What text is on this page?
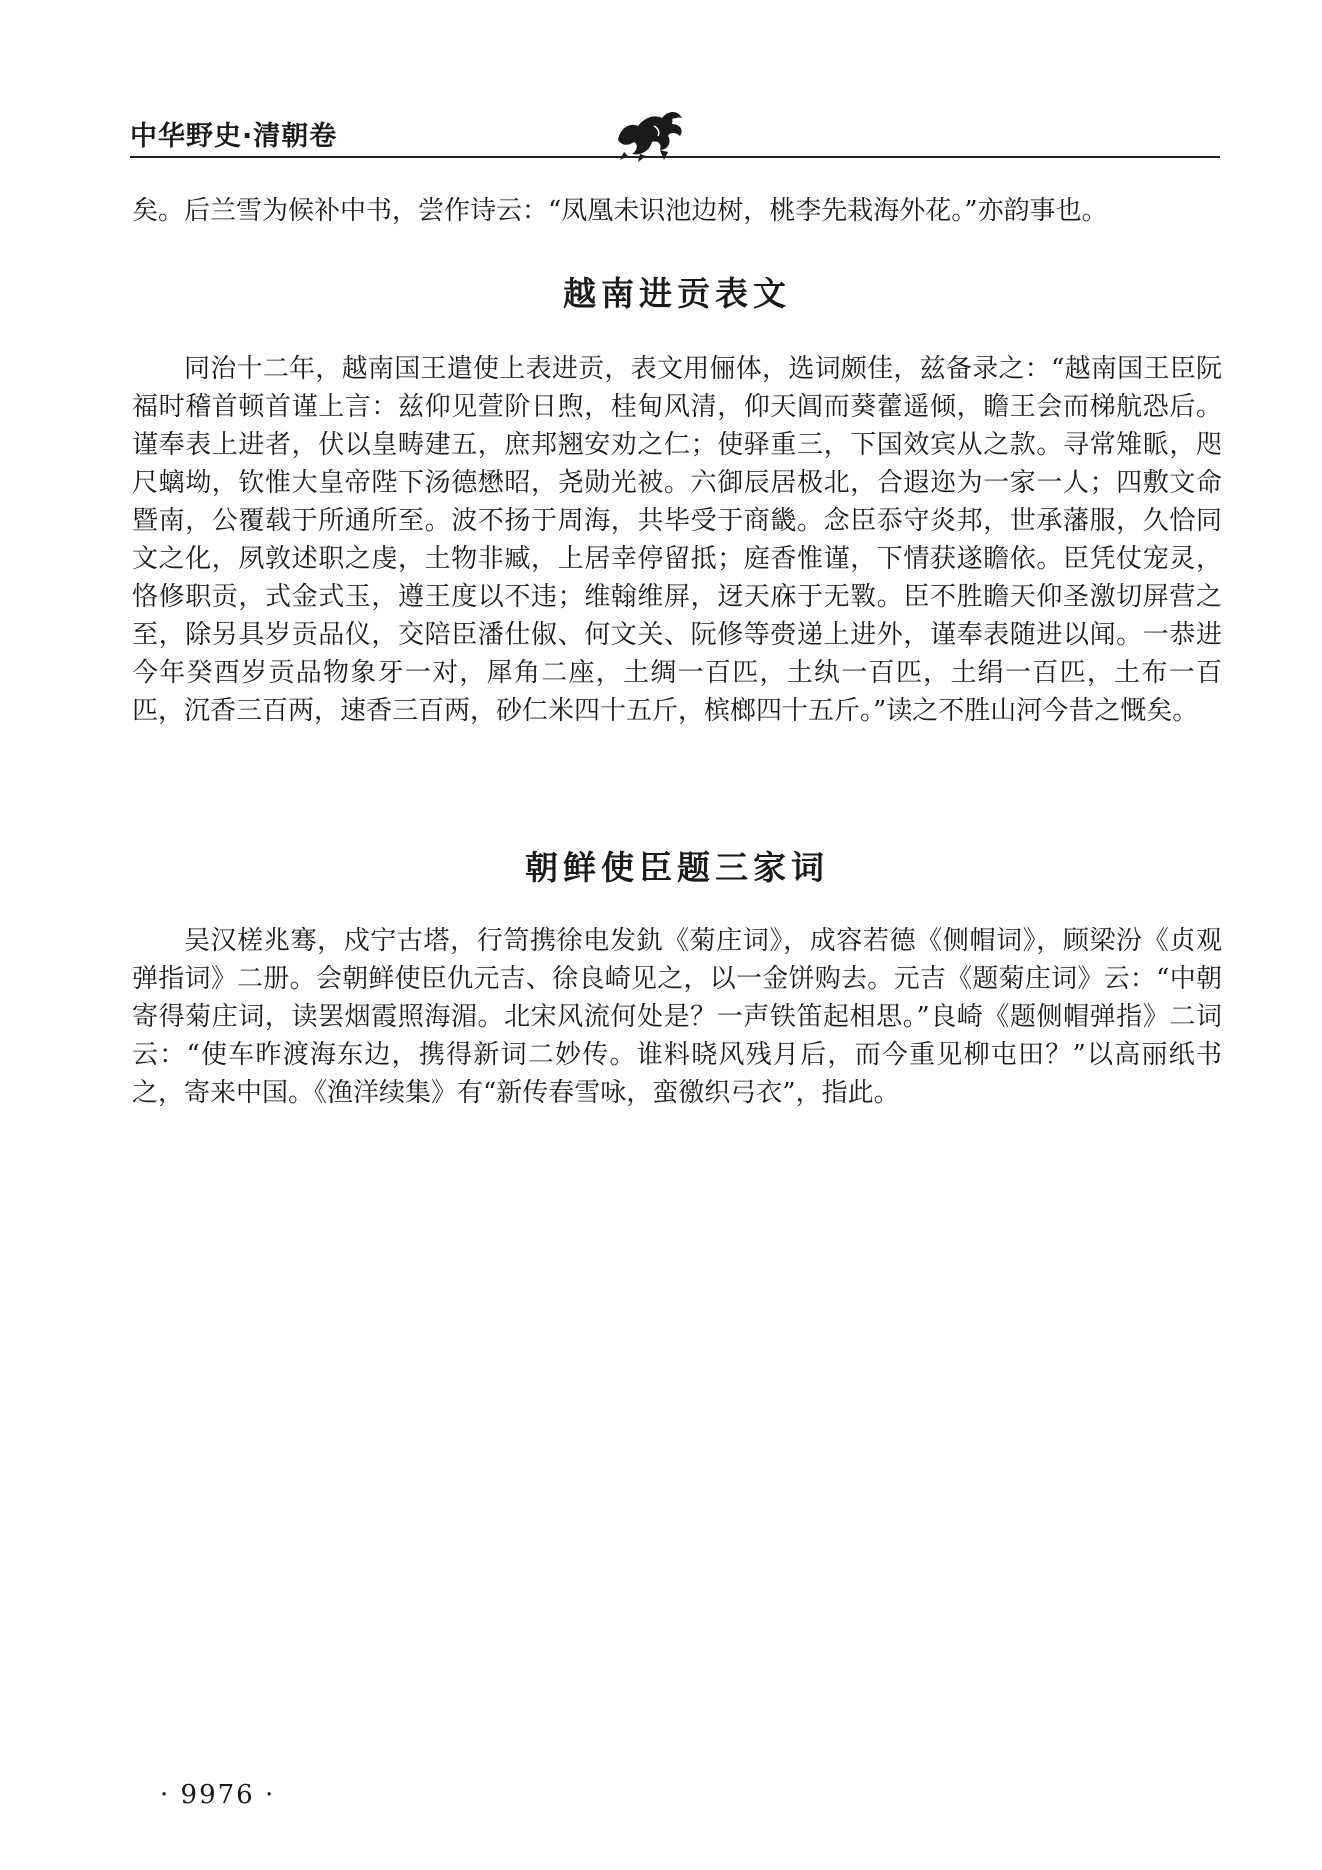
中华野史·清朝卷

矣。后兰雪为候补中书，尝作诗云：“凤凰未识池边树，桃李先栽海外花。”亦韵事也。

越南进贡表文

同治十二年，越南国王遣使上表进贡，表文用俪体，选词颇佳，兹备录之：“越南国王臣阮福时稽首顿首谨上言：兹仰见萱阶日煦，桂甸风清，仰天阊而葵藿遥倾，瞻王会而梯航恐后。谨奉表上进者，伏以皇畴建五，庶邦翘安劝之仁；使驿重三，下国效宾从之款。寻常雉眽，咫尺螭坳，钦惟大皇帝陛下汤德懋昭，尧勋光被。六御辰居极北，合遐迩为一家一人；四敷文命暨南，公覆载于所通所至。波不扬于周海，共毕受于商畿。念臣忝守炎邦，世承藩服，久恰同文之化，夙敦述职之虔，土物非臧，上居幸停留抵；庭香惟谨，下情获遂瞻依。臣凭仗宠灵，恪修职贡，式金式玉，遵王度以不违；维翰维屏，迓天庥于无斁。臣不胜瞻天仰圣激切屏营之至，除另具岁贡品仪，交陪臣潘仕俶、何文关、阮修等赍递上进外，谨奉表随进以闻。一恭进今年癸酉岁贡品物象牙一对，犀角二座，土绸一百匹，土纨一百匹，土绢一百匹，土布一百匹，沉香三百两，速香三百两，砂仁米四十五斤，槟榔四十五斤。”读之不胜山河今昔之慨矣。

朝鲜使臣题三家词

吴汉槎兆骞，戍宁古塔，行笥携徐电发釚《菊庄词》，成容若德《侧帽词》，顾梁汾《贞观弹指词》二册。会朝鲜使臣仇元吉、徐良崎见之，以一金饼购去。元吉《题菊庄词》云：“中朝寄得菊庄词，读罢烟霞照海湄。北宋风流何处是？一声铁笛起相思。”良崎《题侧帽弹指》二词云：“使车昨渡海东边，携得新词二妙传。谁料晓风残月后，而今重见柳屯田？”以高丽纸书之，寄来中国。《渔洋续集》有“新传春雪咏，蛮徼织弓衣”，指此。

· 9976 ·
